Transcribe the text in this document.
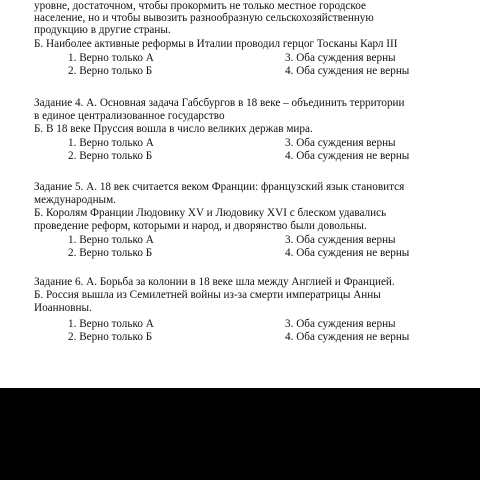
уровне, достаточном, чтобы прокормить не только местное городское
население, но и чтобы вывозить разнообразную сельскохозяйственную
продукцию в другие страны.
Б. Наиболее активные реформы в Италии проводил герцог Тосканы Карл III
1. Верно только А	3. Оба суждения верны
2. Верно только Б	4. Оба суждения не верны
Задание 4. А. Основная задача Габсбургов в 18 веке – объединить территории
в единое централизованное государство
Б. В 18 веке Пруссия вошла в число великих держав мира.
1. Верно только А	3. Оба суждения верны
2. Верно только Б	4. Оба суждения не верны
Задание 5. А. 18 век считается веком Франции: французский язык становится
международным.
Б. Королям Франции Людовику XV и Людовику XVI с блеском удавались
проведение реформ, которыми и народ, и дворянство были довольны.
1. Верно только А	3. Оба суждения верны
2. Верно только Б	4. Оба суждения не верны
Задание 6. А. Борьба за колонии в 18 веке шла между Англией и Францией.
Б. Россия вышла из Семилетней войны из-за смерти императрицы Анны
Иоанновны.
1. Верно только А	3. Оба суждения верны
2. Верно только Б	4. Оба суждения не верны
